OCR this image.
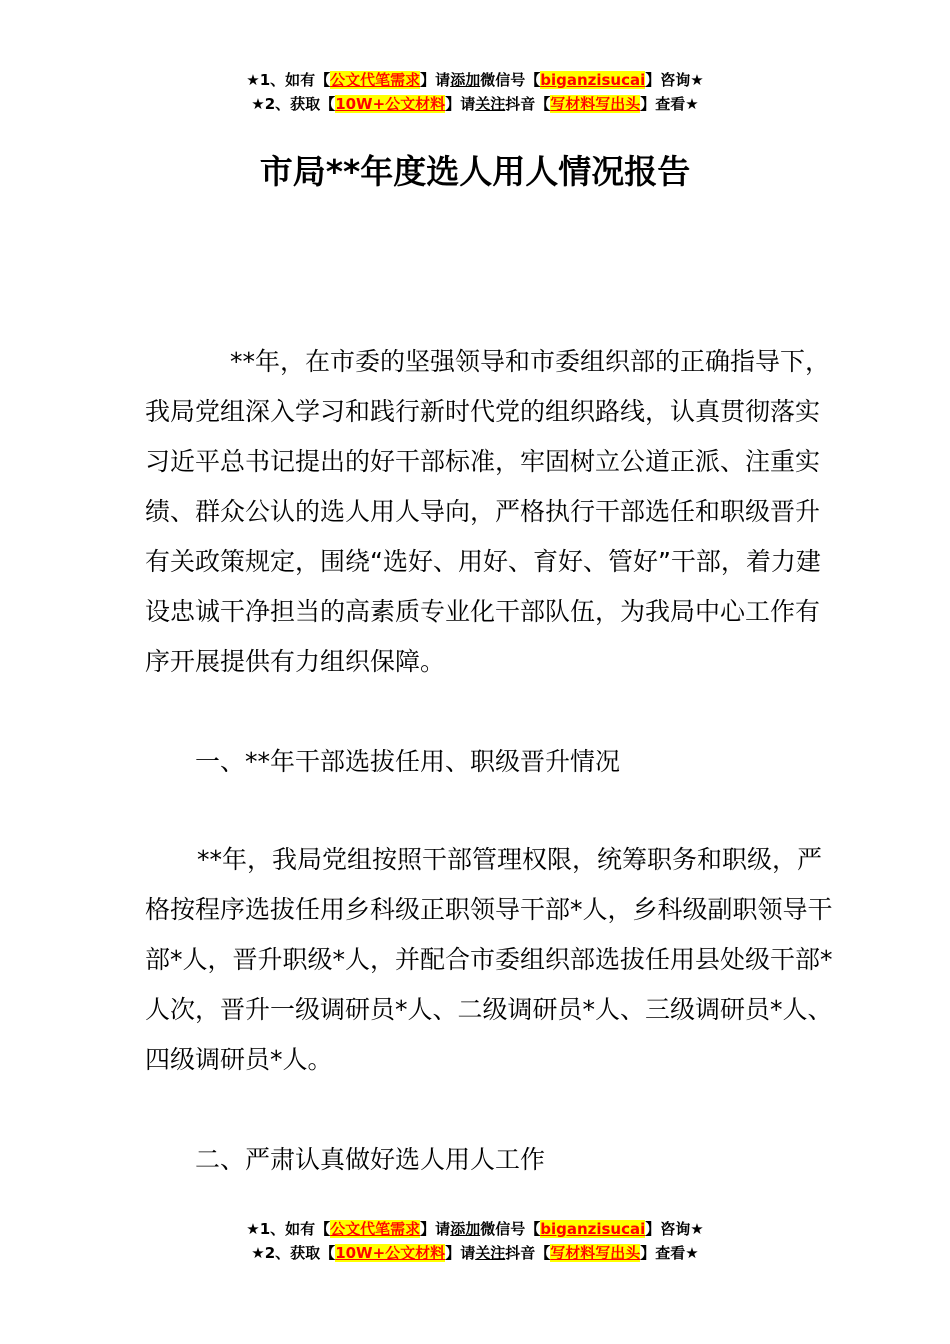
★1、如有【公文代笔需求】请添加微信号【biganzisucai】咨询★
★2、获取【10W+公文材料】请关注抖音【写材料写出头】查看★
市局**年度选人用人情况报告

**年，在市委的坚强领导和市委组织部的正确指导下，我局党组深入学习和践行新时代党的组织路线，认真贯彻落实习近平总书记提出的好干部标准，牢固树立公道正派、注重实绩、群众公认的选人用人导向，严格执行干部选任和职级晋升有关政策规定，围绕“选好、用好、育好、管好”干部，着力建设忠诚干净担当的高素质专业化干部队伍，为我局中心工作有序开展提供有力组织保障。

一、**年干部选拔任用、职级晋升情况

**年，我局党组按照干部管理权限，统筹职务和职级，严格按程序选拔任用乡科级正职领导干部*人，乡科级副职领导干部*人，晋升职级*人，并配合市委组织部选拔任用县处级干部*人次，晋升一级调研员*人、二级调研员*人、三级调研员*人、四级调研员*人。

二、严肃认真做好选人用人工作

★1、如有【公文代笔需求】请添加微信号【biganzisucai】咨询★
★2、获取【10W+公文材料】请关注抖音【写材料写出头】查看★
